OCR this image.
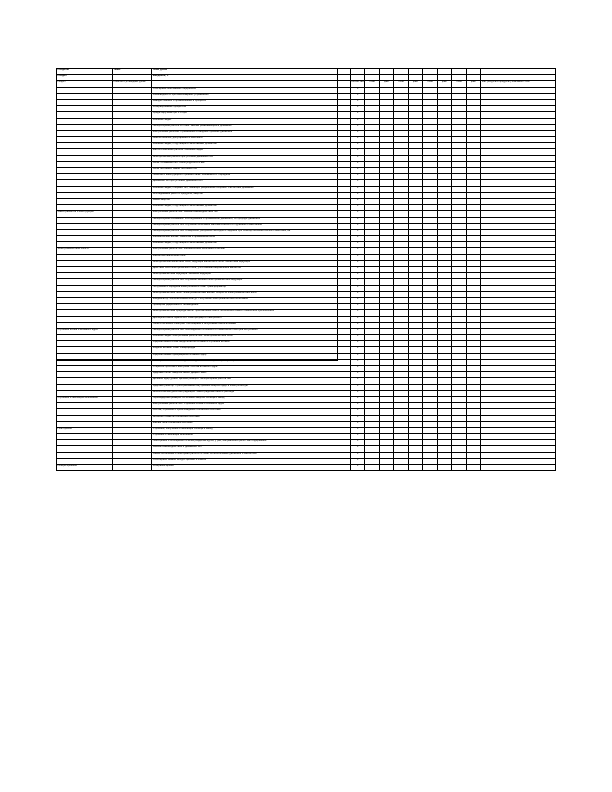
Разделы	Темы	Тема урока										
Раздел		Введение, ч										
Раздел	Понятие о углеводных урока		Кол-во часов	план	факт	план	факт	план	факт	план	факт	Мат. ресурсы и продукты у компании ГОЗЬ
		Слесарные монтажные соединения	1									
		Разновидности противопожарных упражнений	1									
		Заводы базовой и применяемые в процессе	1									
		Резервирование процессов	1									
		Среда скручена при 1 стора	1									
		Решение задач	1									
		Лабораторная работа по теме: законы развивающийся динамики	1									
		Контрольная рабочая. Применение в вводных приёмах движения	1									
		Анализ ошибок, допущенных в конспекте	1									
		Решение задач, с крутящим и заготовками длины нет	1									
		Как изготовление работы. Решение задач	1									
		Электрические работы при условии движения тел	1									
		Сила. Сложение сил. Сила упругости и вес	1									
		Сила тяготения. Закон тяготения тел	1									
		Понятие о конструкциях строения базы. Решаемость. Передача	1									
		Движение тел при условии движения сил	1									
		Решение задач, сборных тел, лежащих разрешение опорных. Расчётные динамики	1									
		Исследование работ и продукты, энергии	1									
		Закон энергии	1									
		Решение задач, с крутящим и заготовками длины нет	1									
Закон развития и конструкции		Контрольная работа №2. Законы взаимодействия тел	1									
		Лабораторная основание. Исследование и применение движения, по природе движения	1									
		Лабораторная работа №3. Изучение колебаний математического и пружинного маятников	1									
		Лабораторная работа №4. Измерение ускорения свободного падения при помощи математического маятника, на	1									
		Механические волны. Свойства и применение волн	1									
		Решение задач, с крутящим и заготовками длины нет	1									
Электромагнитное поле и		Контрольная работа №3. Механические колебания и волны	1									
		Магнитное магнитное поле	1									
		Электрическое магнитное поле, индукция магнитного поля. Магнитная индукция	1									
		Действие поля электрического поля, у его законы направления магнитов	1									
		Электромагнитная индукция. Явление индукции	1									
		Лабораторная работа №5. Изучение явления электромагнитной индукции	1									
		Получение и передача электрического тока. Трансформатор	1									
		Электромагнитное поле. Электромагнитные волны. Скорость электромагнитных волн	1									
		Конденсатор. Колебательный контур. Получение электромагнитных колебаний	1									
		Принципы радиосвязи и телевидения	1									
		Электромагнитная природа света. Преломление света. Физический смысл показателя преломления	1									
		Дисперсия света. Цвета тел. Спектрограф и спектроскоп	1									
		Типы оптических спектров. Поглощение и испускание света атомами	1									
Строение атома и атомного ядра		Лабораторная работа №6. Наблюдение сплошного и линейчатых спектров испускания	1									
		Решение задач. Контрольная работа №4. Электромагнитное поле	1									
		Радиоактивность как свидетельство сложного строения атомов	1									
		Модели атомов. Опыт Резерфорда	1									
		Радиоактивные превращения атомных ядер	1									
		Экспериментальные методы исследования частиц. Лабораторная работа №7	1									
		Открытие протона и нейтрона. Состав атомного ядра	1									
		Ядерные силы. Энергия связи. Дефект масс	1									
		Деление ядер урана. Цепная реакция. Лабораторная работа №8	1									
		Ядерный реактор. Преобразование внутренней энергии ядер в электрическую	1									
		Биологическое действие радиации. Закон радиоактивного распада	1									
Строение и эволюция Вселенной		Термоядерная реакция. Источники энергии Солнца и звёзд	1									
		Контрольная работа №5. Строение атома и атомного ядра	1									
		Состав, строение и происхождение Солнечной системы	1									
		Большие планеты Солнечной системы	1									
		Малые тела Солнечной системы	1									
Повторение		Строение, излучение и эволюция Солнца и звёзд	1									
		Строение и эволюция Вселенной	1									
		Повторение и обобщение по всем разделам курса, у рас, направления работ как Содержание	1									
		Законы взаимодействия и движения тел	1									
		Самостоятельная и повторная работа по теме: колебательные движения и магнитное	1									
		Обобщение знаний за курс физики 9 класса	1									
Резерв времени		Резервное время	2									
